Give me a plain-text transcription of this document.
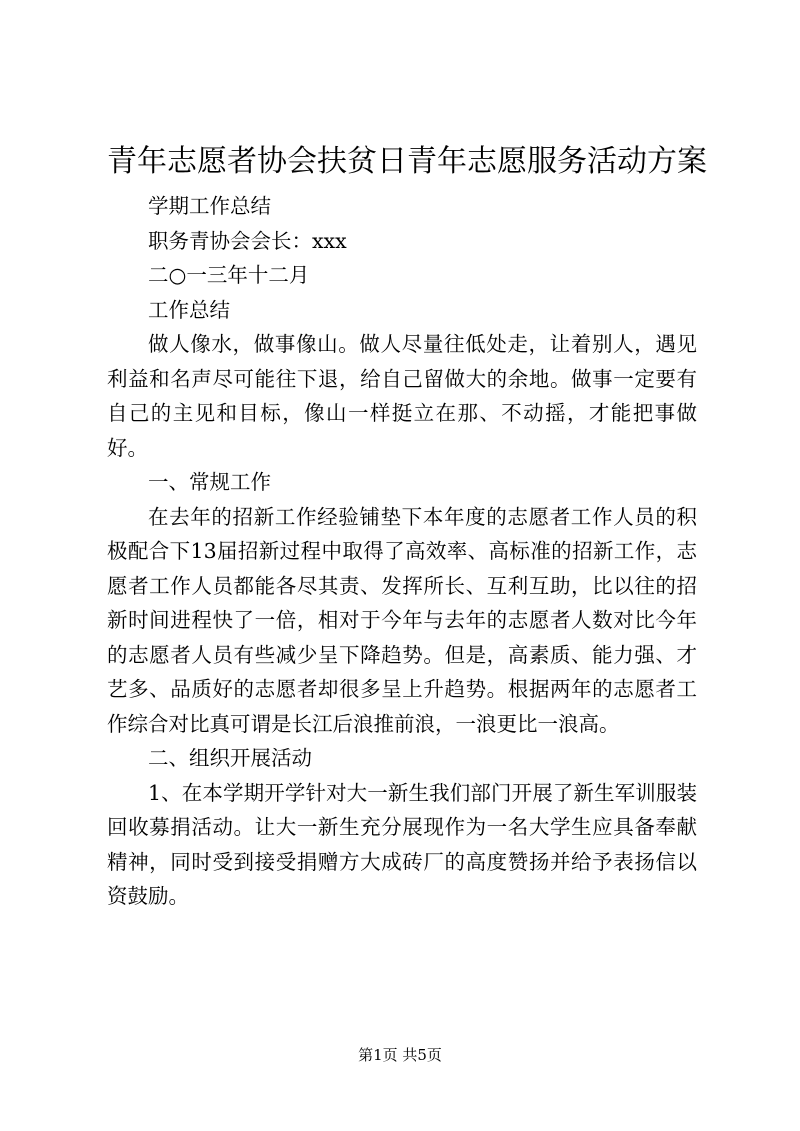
青年志愿者协会扶贫日青年志愿服务活动方案

学期工作总结

职务青协会会长：xxx

二○一三年十二月

工作总结

做人像水，做事像山。做人尽量往低处走，让着别人，遇见利益和名声尽可能往下退，给自己留做大的余地。做事一定要有自己的主见和目标，像山一样挺立在那、不动摇，才能把事做好。

一、常规工作

在去年的招新工作经验铺垫下本年度的志愿者工作人员的积极配合下13届招新过程中取得了高效率、高标准的招新工作，志愿者工作人员都能各尽其责、发挥所长、互利互助，比以往的招新时间进程快了一倍，相对于今年与去年的志愿者人数对比今年的志愿者人员有些减少呈下降趋势。但是，高素质、能力强、才艺多、品质好的志愿者却很多呈上升趋势。根据两年的志愿者工作综合对比真可谓是长江后浪推前浪，一浪更比一浪高。

二、组织开展活动

1、在本学期开学针对大一新生我们部门开展了新生军训服装回收募捐活动。让大一新生充分展现作为一名大学生应具备奉献精神，同时受到接受捐赠方大成砖厂的高度赞扬并给予表扬信以资鼓励。

第1页 共5页
